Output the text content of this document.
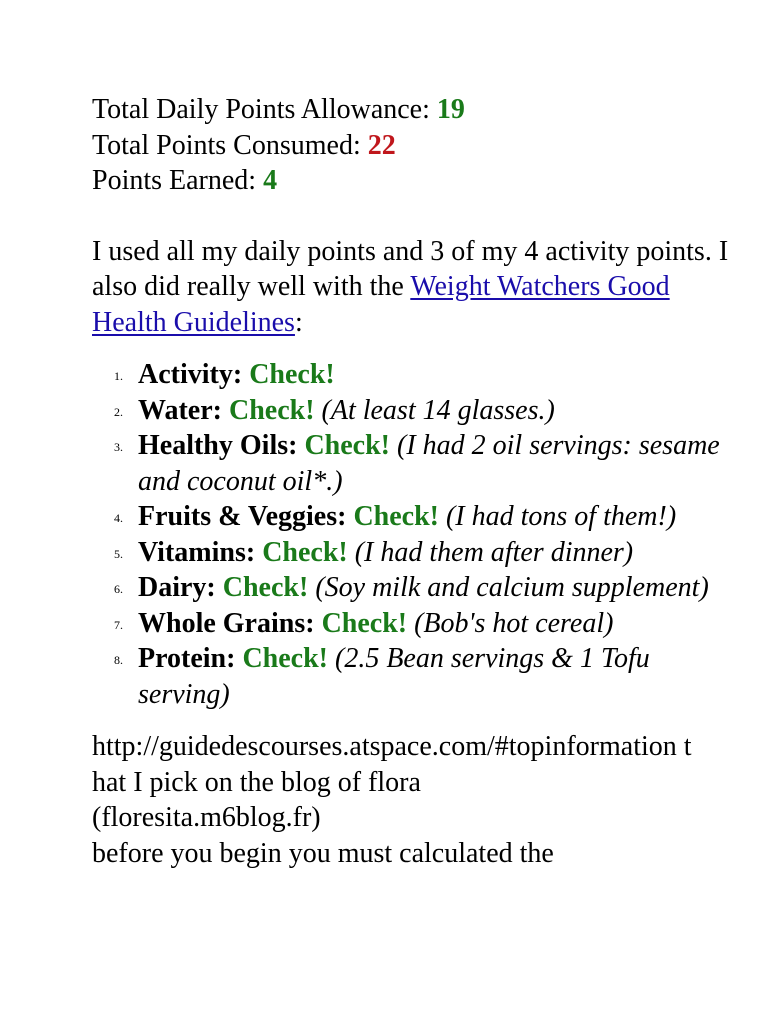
Total Daily Points Allowance: 19
Total Points Consumed: 22
Points Earned: 4
I used all my daily points and 3 of my 4 activity points. I also did really well with the Weight Watchers Good Health Guidelines:
1. Activity: Check!
2. Water: Check! (At least 14 glasses.)
3. Healthy Oils: Check! (I had 2 oil servings: sesame and coconut oil*.)
4. Fruits & Veggies: Check! (I had tons of them!)
5. Vitamins: Check! (I had them after dinner)
6. Dairy: Check! (Soy milk and calcium supplement)
7. Whole Grains: Check! (Bob's hot cereal)
8. Protein: Check! (2.5 Bean servings & 1 Tofu serving)
http://guidedescourses.atspace.com/#topinformation that I pick on the blog of flora
(floresita.m6blog.fr)
before you begin you must calculated the
